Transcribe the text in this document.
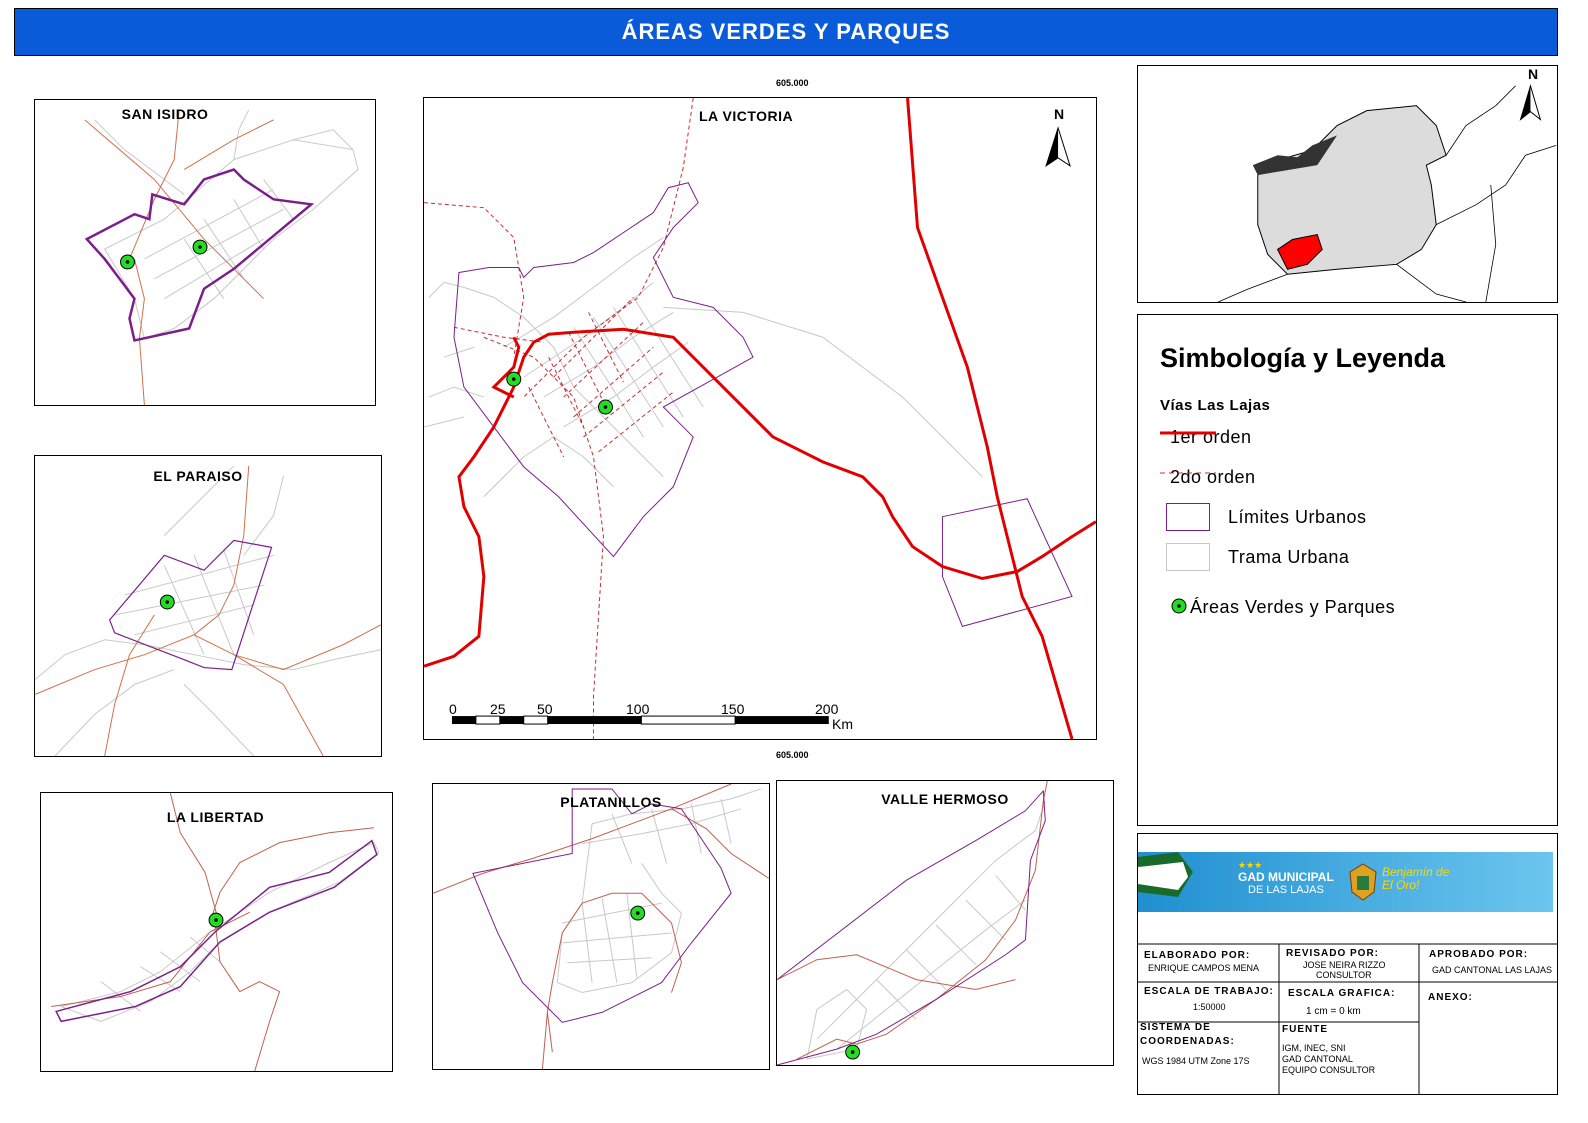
ÁREAS VERDES Y PARQUES
SAN ISIDRO
EL PARAISO
LA LIBERTAD
LA VICTORIA	N
0 25 50	100	150	200
Km
605.000
605.000
PLATANILLOS	VALLE HERMOSO
N
Simbología y Leyenda
Vías Las Lajas
1er orden
2do orden
Límites Urbanos
Trama Urbana
Áreas Verdes y Parques
★★★
GAD MUNICIPAL
DE LAS LAJAS
Benjamín de El Oro!
ELABORADO POR:
ENRIQUE CAMPOS MENA
REVISADO POR:
JOSE NEIRA RIZZO
CONSULTOR
APROBADO POR:
GAD CANTONAL LAS LAJAS
ESCALA DE TRABAJO:
1:50000
ESCALA GRAFICA:
1 cm = 0 km
ANEXO:
SISTEMA DE
COORDENADAS:
WGS 1984 UTM Zone 17S
FUENTE
IGM, INEC, SNI
GAD CANTONAL
EQUIPO CONSULTOR
